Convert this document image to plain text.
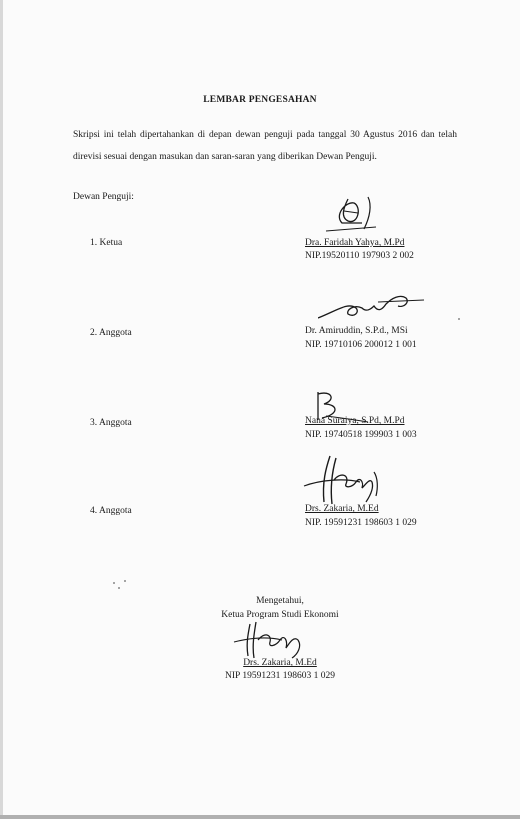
LEMBAR PENGESAHAN
Skripsi ini telah dipertahankan di depan dewan penguji pada tanggal 30 Agustus 2016 dan telah direvisi sesuai dengan masukan dan saran-saran yang diberikan Dewan Penguji.
Dewan Penguji:
1. Ketua	Dra. Faridah Yahya, M.Pd
NIP.19520110 197903 2 002
2. Anggota	Dr. Amiruddin, S.P.d., MSi
NIP. 19710106 200012 1 001
3. Anggota	Nana Suraiya, S.Pd, M.Pd
NIP. 19740518 199903 1 003
4. Anggota	Drs. Zakaria, M.Ed
NIP. 19591231 198603 1 029
Mengetahui,
Ketua Program Studi Ekonomi
Drs. Zakaria, M.Ed
NIP 19591231 198603 1 029
